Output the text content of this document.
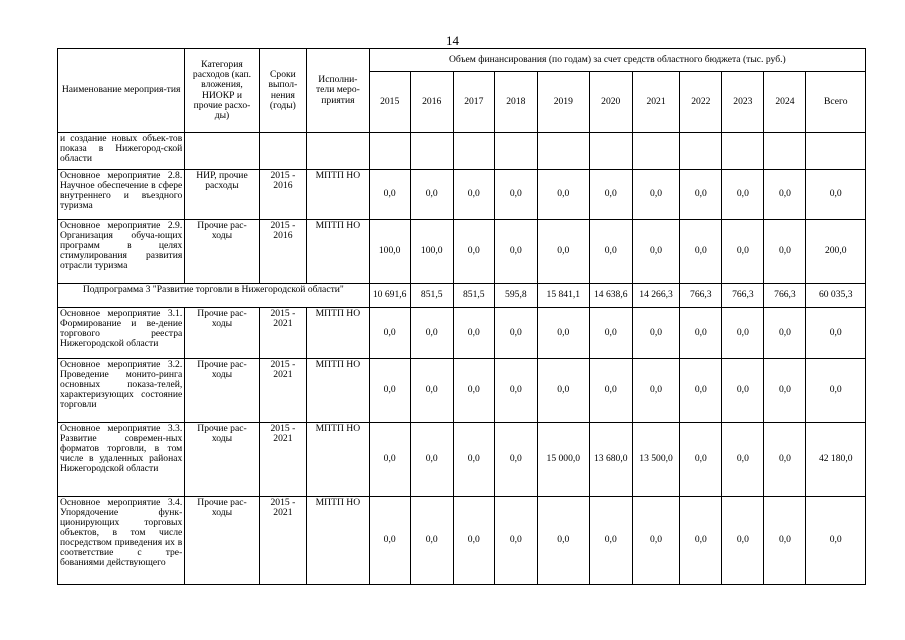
14
Наименование мероприя-тия	Категория расходов (кап. вложения, НИОКР и прочие расхо-ды)	Сроки выпол-нения (годы)	Исполни-тели меро-приятия	Объем финансирования (по годам) за счет средств областного бюджета (тыс. руб.)										
				2015	2016	2017	2018	2019	2020	2021	2022	2023	2024	Всего
и создание новых объек-тов показа в Нижегород-ской области														
Основное мероприятие 2.8. Научное обеспечение в сфере внутреннего и въездного туризма	НИР, прочие расходы	2015 - 2016	МПТП НО	0,0	0,0	0,0	0,0	0,0	0,0	0,0	0,0	0,0	0,0	0,0
Основное мероприятие 2.9. Организация обуча-ющих программ в целях стимулирования развития отрасли туризма	Прочие рас-ходы	2015 - 2016	МПТП НО	100,0	100,0	0,0	0,0	0,0	0,0	0,0	0,0	0,0	0,0	200,0
Подпрограмма 3 "Развитие торговли в Нижегородской области"				10 691,6	851,5	851,5	595,8	15 841,1	14 638,6	14 266,3	766,3	766,3	766,3	60 035,3
Основное мероприятие 3.1. Формирование и ве-дение торгового реестра Нижегородской области	Прочие рас-ходы	2015 - 2021	МПТП НО	0,0	0,0	0,0	0,0	0,0	0,0	0,0	0,0	0,0	0,0	0,0
Основное мероприятие 3.2. Проведение монито-ринга основных показа-телей, характеризующих состояние торговли	Прочие рас-ходы	2015 - 2021	МПТП НО	0,0	0,0	0,0	0,0	0,0	0,0	0,0	0,0	0,0	0,0	0,0
Основное мероприятие 3.3. Развитие современ-ных форматов торговли, в том числе в удаленных районах Нижегородской области	Прочие рас-ходы	2015 - 2021	МПТП НО	0,0	0,0	0,0	0,0	15 000,0	13 680,0	13 500,0	0,0	0,0	0,0	42 180,0
Основное мероприятие 3.4. Упорядочение функ-ционирующих торговых объектов, в том числе посредством приведения их в соответствие с тре-бованиями действующего	Прочие рас-ходы	2015 - 2021	МПТП НО	0,0	0,0	0,0	0,0	0,0	0,0	0,0	0,0	0,0	0,0	0,0
